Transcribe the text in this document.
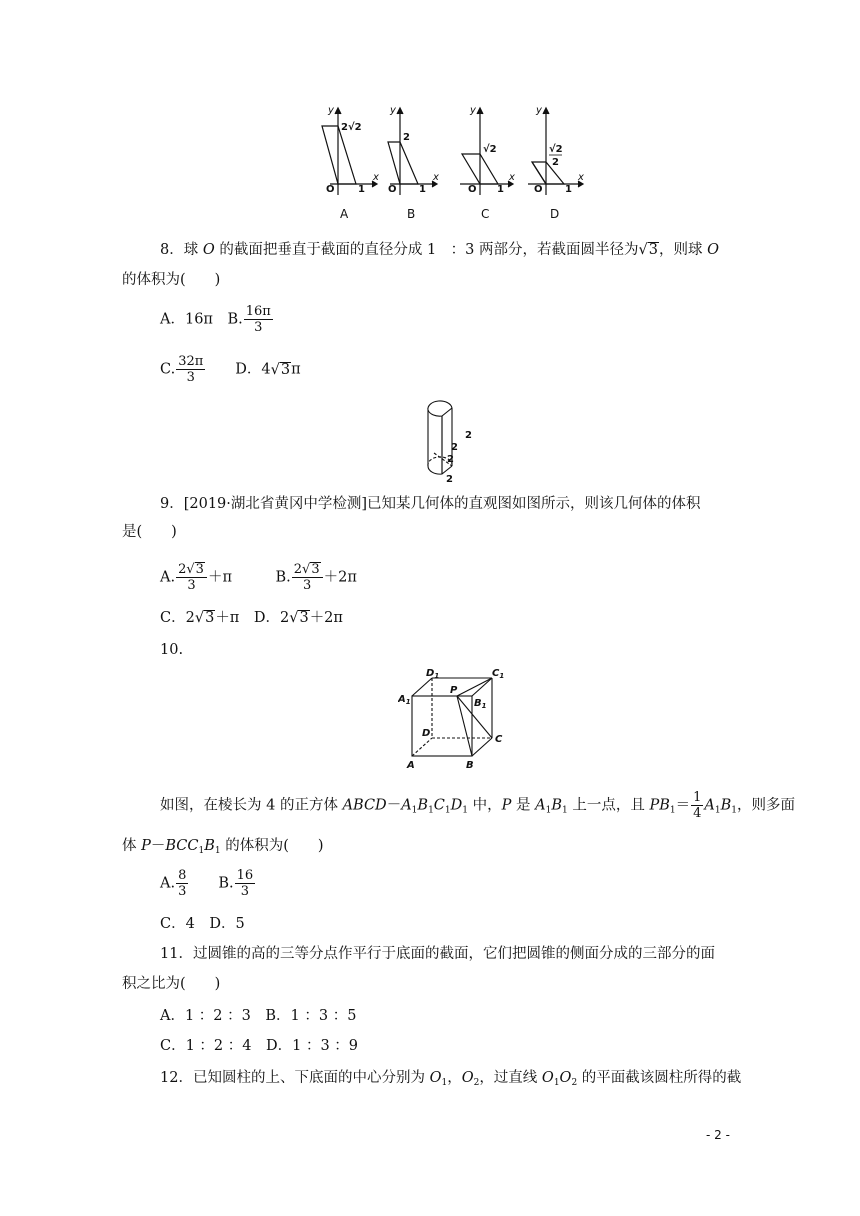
y	y	y	y
x	x	x	x
O 1 O 1	O 1	O 1
2√2
2
√2	√2
2
A	B	C	D
8．球 O 的截面把垂直于截面的直径分成 1　：3 两部分，若截面圆半径为√3，则球 O
的体积为(　　)
A．16π　B. $\frac{16\pi}{3}$
C. $\frac{32\pi}{3}$ 　　D．4√3π
2
2
2
2
9．[2019·湖北省黄冈中学检测]已知某几何体的直观图如图所示，则该几何体的体积
是(　　)
A. $\frac{2√3}{3} +\pi$　　　B. $\frac{2√3}{3} +2\pi$
C．2√3＋π　D．2√3＋2π
10.
$D_1$	$C_1$
$A_1$
P
$B_1$
D
C
A	B
如图，在棱长为 4 的正方体 $ABCD-A_1B_1C_1D_1$ 中，P 是 $A_1B_1$ 上一点，且 $PB_1= \frac{1}{4} A_1B_1$，则多面
体 $P-BCC_1B_1$ 的体积为(　　)
A. $\frac{8}{3}$ 　　B. $\frac{16}{3}$
C．4　D．5
11．过圆锥的高的三等分点作平行于底面的截面，它们把圆锥的侧面分成的三部分的面
积之比为(　　)
A．1 ：2 ：3　B．1 ：3 ：5
C．1 ：2 ：4　D．1 ：3 ：9
12．已知圆柱的上、下底面的中心分别为 $O_1$，$O_2$，过直线 $O_1O_2$ 的平面截该圆柱所得的截
- 2 -
